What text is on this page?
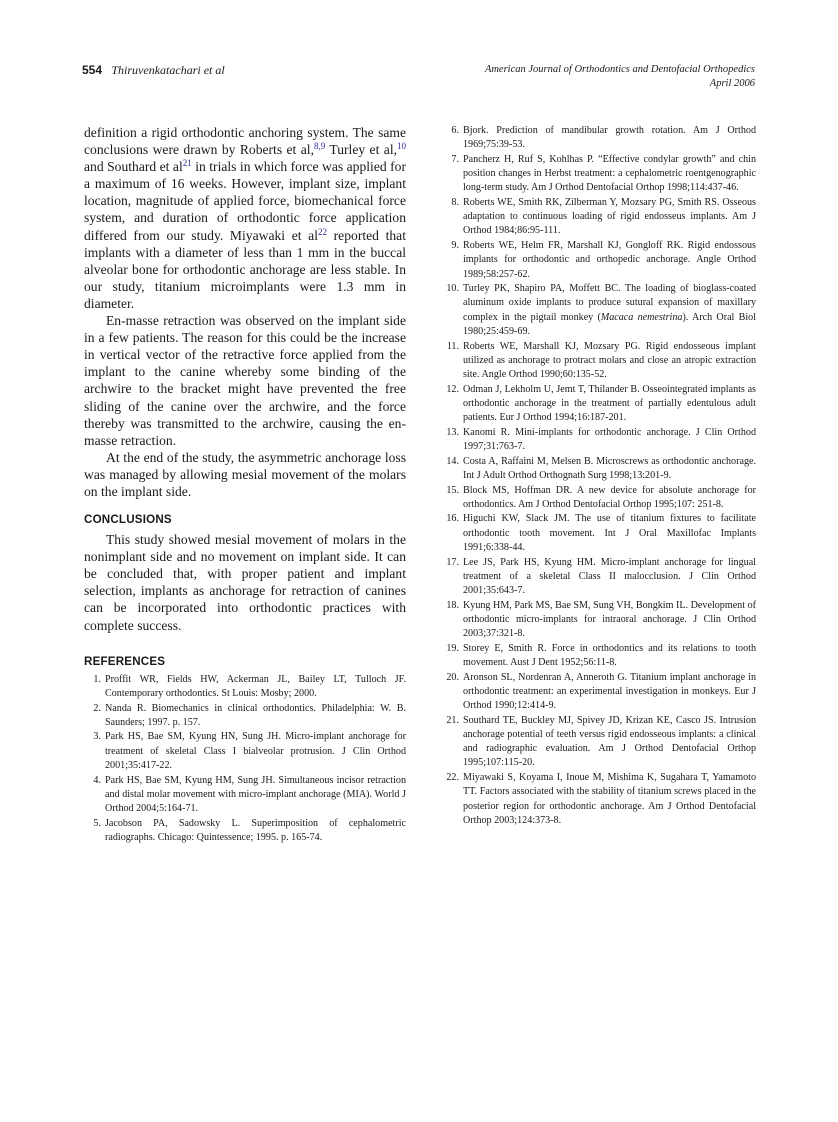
554 Thiruvenkatachari et al	American Journal of Orthodontics and Dentofacial Orthopedics
April 2006

definition a rigid orthodontic anchoring system. The same conclusions were drawn by Roberts et al,$^{8,9}$ Turley et al,$^{10}$ and Southard et al$^{21}$ in trials in which force was applied for a maximum of 16 weeks. However, implant size, implant location, magnitude of applied force, biomechanical force system, and duration of orthodontic force application differed from our study. Miyawaki et al$^{22}$ reported that implants with a diameter of less than 1 mm in the buccal alveolar bone for orthodontic anchorage are less stable. In our study, titanium microimplants were 1.3 mm in diameter.

En-masse retraction was observed on the implant side in a few patients. The reason for this could be the increase in vertical vector of the retractive force applied from the implant to the canine whereby some binding of the archwire to the bracket might have prevented the free sliding of the canine over the archwire, and the force thereby was transmitted to the archwire, causing the en-masse retraction.

At the end of the study, the asymmetric anchorage loss was managed by allowing mesial movement of the molars on the implant side.

CONCLUSIONS

This study showed mesial movement of molars in the nonimplant side and no movement on implant side. It can be concluded that, with proper patient and implant selection, implants as anchorage for retraction of canines can be incorporated into orthodontic practices with complete success.

REFERENCES
1. Proffit WR, Fields HW, Ackerman JL, Bailey LT, Tulloch JF. Contemporary orthodontics. St Louis: Mosby; 2000.
2. Nanda R. Biomechanics in clinical orthodontics. Philadelphia: W. B. Saunders; 1997. p. 157.
3. Park HS, Bae SM, Kyung HN, Sung JH. Micro-implant anchorage for treatment of skeletal Class I bialveolar protrusion. J Clin Orthod 2001;35:417-22.
4. Park HS, Bae SM, Kyung HM, Sung JH. Simultaneous incisor retraction and distal molar movement with micro-implant anchorage (MIA). World J Orthod 2004;5:164-71.
5. Jacobson PA, Sadowsky L. Superimposition of cephalometric radiographs. Chicago: Quintessence; 1995. p. 165-74.
6. Bjork. Prediction of mandibular growth rotation. Am J Orthod 1969;75:39-53.
7. Pancherz H, Ruf S, Kohlhas P. “Effective condylar growth” and chin position changes in Herbst treatment: a cephalometric roentgenographic long-term study. Am J Orthod Dentofacial Orthop 1998;114:437-46.
8. Roberts WE, Smith RK, Zilberman Y, Mozsary PG, Smith RS. Osseous adaptation to continuous loading of rigid endosseus implants. Am J Orthod 1984;86:95-111.
9. Roberts WE, Helm FR, Marshall KJ, Gongloff RK. Rigid endossous implants for orthodontic and orthopedic anchorage. Angle Orthod 1989;58:257-62.
10. Turley PK, Shapiro PA, Moffett BC. The loading of bioglass-coated aluminum oxide implants to produce sutural expansion of maxillary complex in the pigtail monkey (Macaca nemestrina). Arch Oral Biol 1980;25:459-69.
11. Roberts WE, Marshall KJ, Mozsary PG. Rigid endosseous implant utilized as anchorage to protract molars and close an atropic extraction site. Angle Orthod 1990;60:135-52.
12. Odman J, Lekholm U, Jemt T, Thilander B. Osseointegrated implants as orthodontic anchorage in the treatment of partially edentulous adult patients. Eur J Orthod 1994;16:187-201.
13. Kanomi R. Mini-implants for orthodontic anchorage. J Clin Orthod 1997;31:763-7.
14. Costa A, Raffaini M, Melsen B. Microscrews as orthodontic anchorage. Int J Adult Orthod Orthognath Surg 1998;13:201-9.
15. Block MS, Hoffman DR. A new device for absolute anchorage for orthodontics. Am J Orthod Dentofacial Orthop 1995;107: 251-8.
16. Higuchi KW, Slack JM. The use of titanium fixtures to facilitate orthodontic tooth movement. Int J Oral Maxillofac Implants 1991;6:338-44.
17. Lee JS, Park HS, Kyung HM. Micro-implant anchorage for lingual treatment of a skeletal Class II malocclusion. J Clin Orthod 2001;35:643-7.
18. Kyung HM, Park MS, Bae SM, Sung VH, Bongkim IL. Development of orthodontic micro-implants for intraoral anchorage. J Clin Orthod 2003;37:321-8.
19. Storey E, Smith R. Force in orthodontics and its relations to tooth movement. Aust J Dent 1952;56:11-8.
20. Aronson SL, Nordenran A, Anneroth G. Titanium implant anchorage in orthodontic treatment: an experimental investigation in monkeys. Eur J Orthod 1990;12:414-9.
21. Southard TE, Buckley MJ, Spivey JD, Krizan KE, Casco JS. Intrusion anchorage potential of teeth versus rigid endosseous implants: a clinical and radiographic evaluation. Am J Orthod Dentofacial Orthop 1995;107:115-20.
22. Miyawaki S, Koyama I, Inoue M, Mishima K, Sugahara T, Yamamoto TT. Factors associated with the stability of titanium screws placed in the posterior region for orthodontic anchorage. Am J Orthod Dentofacial Orthop 2003;124:373-8.
